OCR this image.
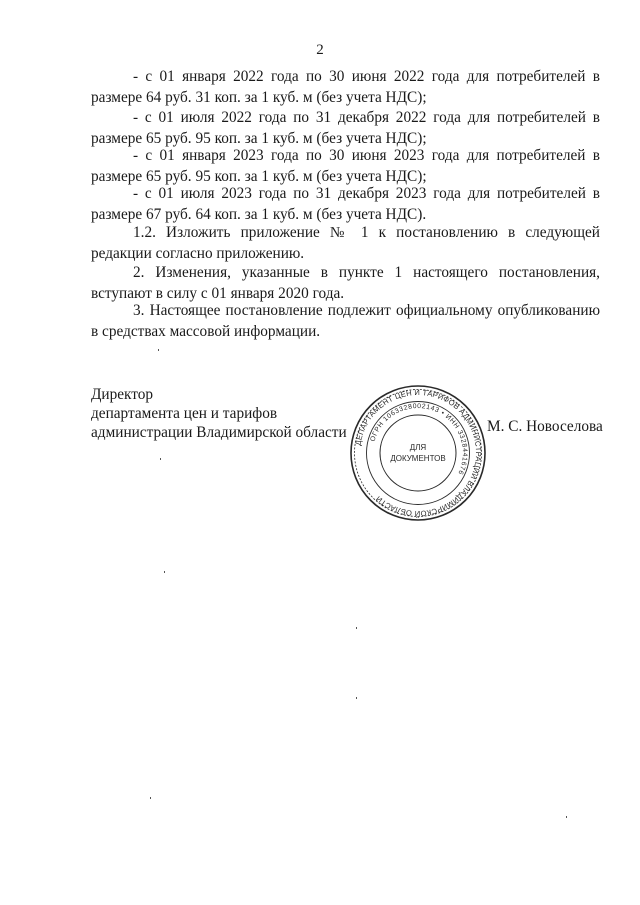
2

- с 01 января 2022 года по 30 июня 2022 года для потребителей в размере 64 руб. 31 коп. за 1 куб. м (без учета НДС);

- с 01 июля 2022 года по 31 декабря 2022 года для потребителей в размере 65 руб. 95 коп. за 1 куб. м (без учета НДС);

- с 01 января 2023 года по 30 июня 2023 года для потребителей в размере 65 руб. 95 коп. за 1 куб. м (без учета НДС);

- с 01 июля 2023 года по 31 декабря 2023 года для потребителей в размере 67 руб. 64 коп. за 1 куб. м (без учета НДС).

1.2. Изложить приложение № 1 к постановлению в следующей редакции согласно приложению.

2. Изменения, указанные в пункте 1 настоящего постановления, вступают в силу с 01 января 2020 года.

3. Настоящее постановление подлежит официальному опубликованию в средствах массовой информации.

Директор
департамента цен и тарифов
администрации Владимирской области	М. С. Новоселова
ДЕПАРТАМЕНТ ЦЕН И ТАРИФОВ АДМИНИСТРАЦИИ ВЛАДИМИРСКОЙ ОБЛАСТИ
ОГРН 1063328002143 • ИНН 3328441676
ДЛЯ
ДОКУМЕНТОВ
